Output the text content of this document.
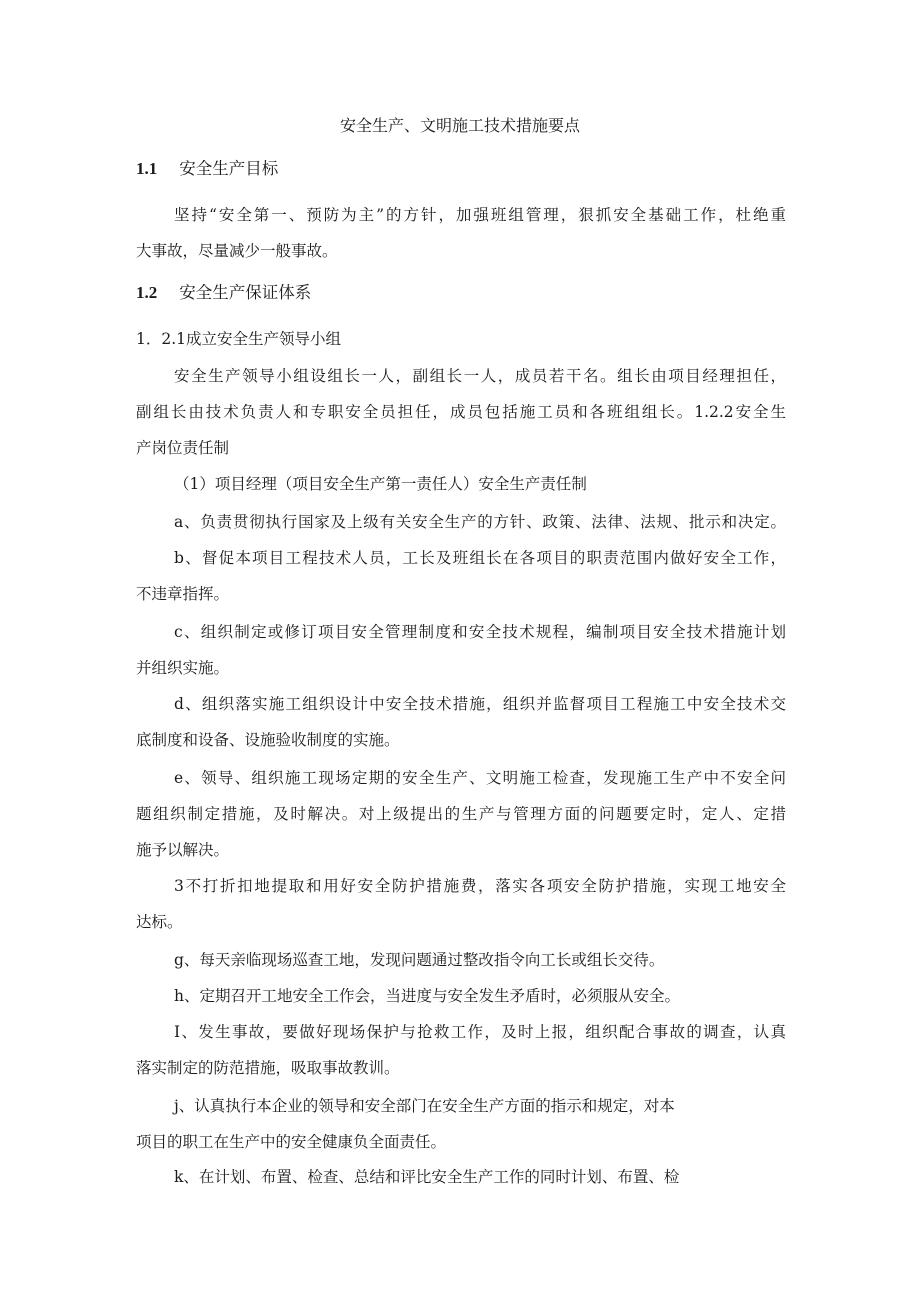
安全生产、文明施工技术措施要点
1.1 安全生产目标
坚持“安全第一、预防为主”的方针，加强班组管理，狠抓安全基础工作，杜绝重
大事故，尽量减少一般事故。
1.2 安全生产保证体系
1．2.1成立安全生产领导小组
安全生产领导小组设组长一人，副组长一人，成员若干名。组长由项目经理担任，
副组长由技术负责人和专职安全员担任，成员包括施工员和各班组组长。1.2.2安全生
产岗位责任制
（1）项目经理（项目安全生产第一责任人）安全生产责任制
a、负责贯彻执行国家及上级有关安全生产的方针、政策、法律、法规、批示和决定。
b、督促本项目工程技术人员，工长及班组长在各项目的职责范围内做好安全工作，
不违章指挥。
c、组织制定或修订项目安全管理制度和安全技术规程，编制项目安全技术措施计划
并组织实施。
d、组织落实施工组织设计中安全技术措施，组织并监督项目工程施工中安全技术交
底制度和设备、设施验收制度的实施。
e、领导、组织施工现场定期的安全生产、文明施工检查，发现施工生产中不安全问
题组织制定措施，及时解决。对上级提出的生产与管理方面的问题要定时，定人、定措
施予以解决。
3不打折扣地提取和用好安全防护措施费，落实各项安全防护措施，实现工地安全
达标。
g、每天亲临现场巡查工地，发现问题通过整改指令向工长或组长交待。
h、定期召开工地安全工作会，当进度与安全发生矛盾时，必须服从安全。
I、发生事故，要做好现场保护与抢救工作，及时上报，组织配合事故的调查，认真
落实制定的防范措施，吸取事故教训。
j、认真执行本企业的领导和安全部门在安全生产方面的指示和规定，对本
项目的职工在生产中的安全健康负全面责任。
k、在计划、布置、检查、总结和评比安全生产工作的同时计划、布置、检
